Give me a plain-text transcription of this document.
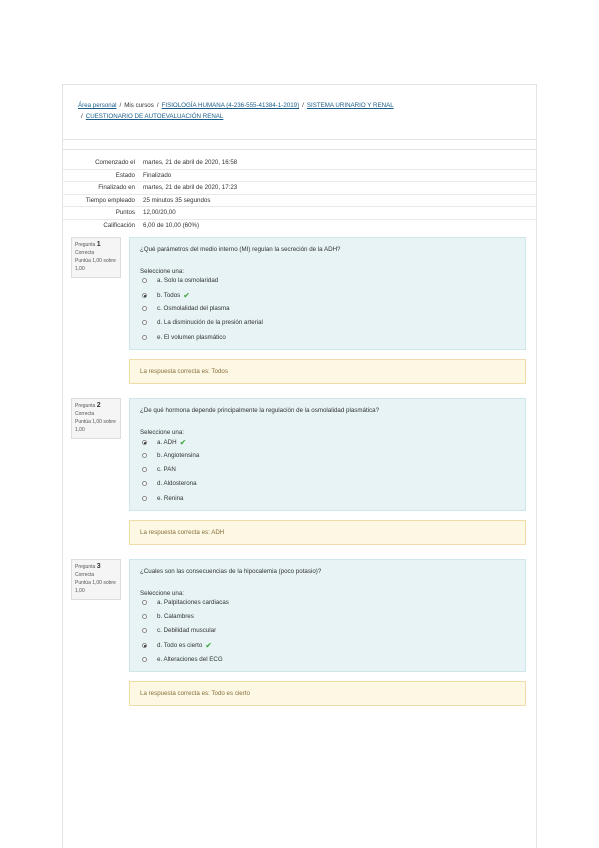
Área personal / Mis cursos / FISIOLOGÍA HUMANA (4-236-555-41384-1-2019) / SISTEMA URINARIO Y RENAL
/ CUESTIONARIO DE AUTOEVALUACIÓN RENAL
Comenzado el	martes, 21 de abril de 2020, 16:58
Estado	Finalizado
Finalizado en	martes, 21 de abril de 2020, 17:23
Tiempo empleado	25 minutos 35 segundos
Puntos	12,00/20,00
Calificación	6,00 de 10,00 (60%)
Pregunta 1
Correcta
Puntúa 1,00 sobre 1,00
¿Qué parámetros del medio interno (MI) regulan la secreción de la ADH?
Seleccione una:
a. Solo la osmolaridad
b. Todos ✔
c. Osmolalidad del plasma
d. La disminución de la presión arterial
e. El volumen plasmático
La respuesta correcta es: Todos
Pregunta 2
Correcta
Puntúa 1,00 sobre 1,00
¿De qué hormona depende principalmente la regulación de la osmolalidad plasmática?
Seleccione una:
a. ADH ✔
b. Angiotensina
c. PAN
d. Aldosterona
e. Renina
La respuesta correcta es: ADH
Pregunta 3
Correcta
Puntúa 1,00 sobre 1,00
¿Cuales son las consecuencias de la hipocalemia (poco potasio)?
Seleccione una:
a. Palpitaciones cardiacas
b. Calambres
c. Debilidad muscular
d. Todo es cierto ✔
e. Alteraciones del ECG
La respuesta correcta es: Todo es cierto
